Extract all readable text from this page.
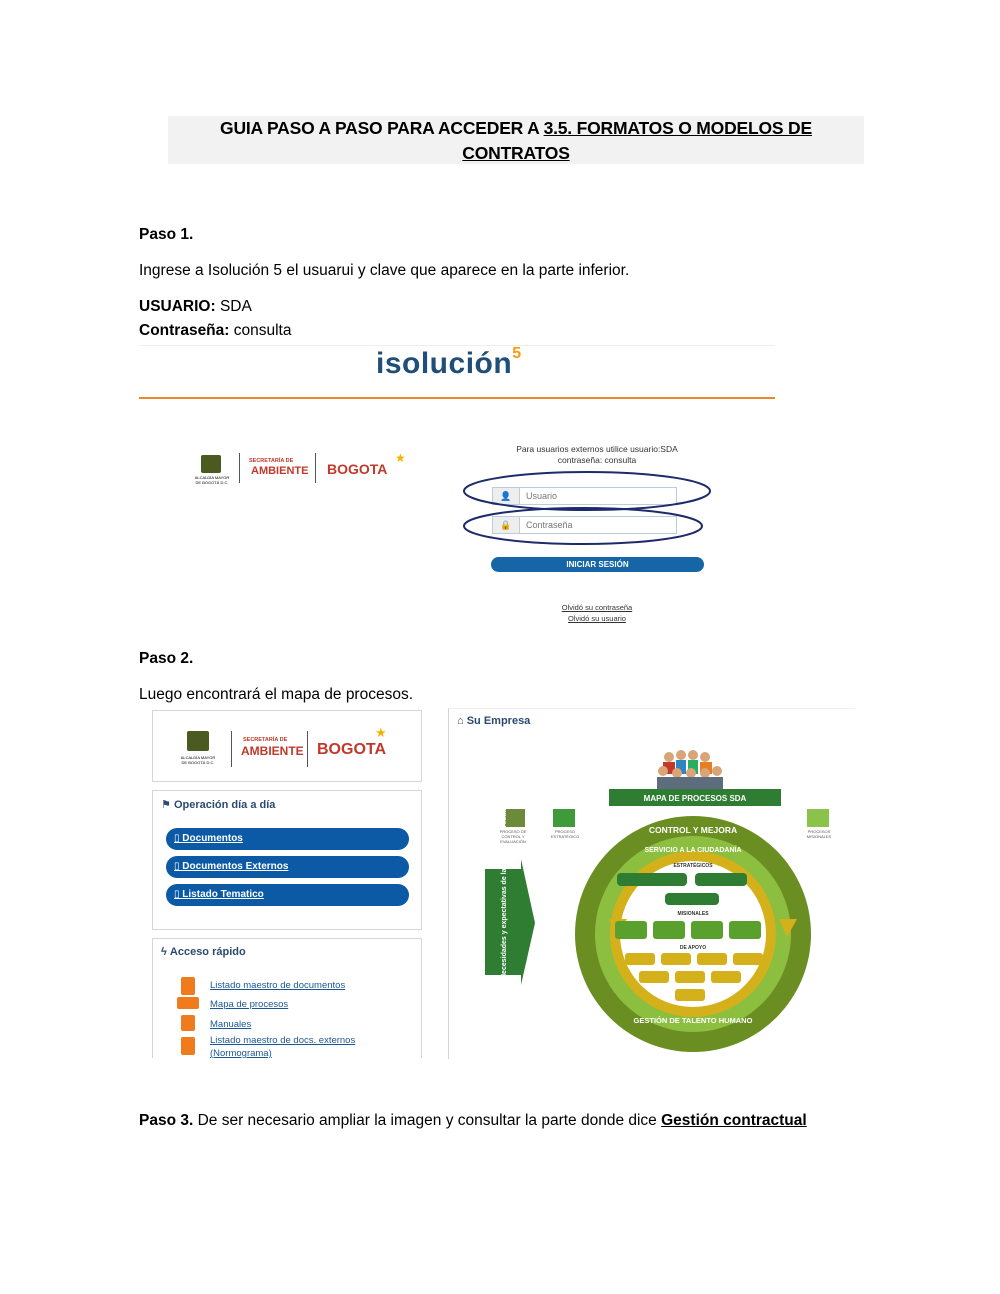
GUIA PASO A PASO PARA ACCEDER A 3.5. FORMATOS O MODELOS DE
CONTRATOS
Paso 1.
Ingrese a Isolución 5 el usuarui y clave que aparece en la parte inferior.
USUARIO: SDA
Contraseña: consulta
isolución$^5$
ALCALDÍA MAYOR
DE BOGOTÁ D.C.
SECRETARÍA DE
AMBIENTE BOGOTA
★
Para usuarios externos utilice usuario:SDA
contraseña: consulta
👤 Usuario
🔒 Contraseña
INICIAR SESIÓN
Olvidó su contraseña
Olvidó su usuario
Paso 2.
Luego encontrará el mapa de procesos.
ALCALDÍA MAYOR
DE BOGOTÁ D.C.
SECRETARÍA DE
AMBIENTE BOGOTA
★
⚑ Operación día a día
▯ Documentos
▯ Documentos Externos
▯ Listado Tematico
ϟ Acceso rápido
Listado maestro de documentos
Mapa de procesos
Manuales
Listado maestro de docs. externos
(Normograma)
⌂ Su Empresa
MAPA DE PROCESOS SDA
Necesidades y expectativas de las partes interesadas	CONTROL Y MEJORA
SERVICIO A LA CIUDADANÍA
GESTIÓN DE TALENTO HUMANO
ESTRATÉGICOS
MISIONALES
DE APOYO
PROCESO DE CONTROL Y EVALUACIÓN
PROCESO ESTRATÉGICO
PROCESOS MISIONALES
Paso 3. De ser necesario ampliar la imagen y consultar la parte donde dice Gestión contractual
